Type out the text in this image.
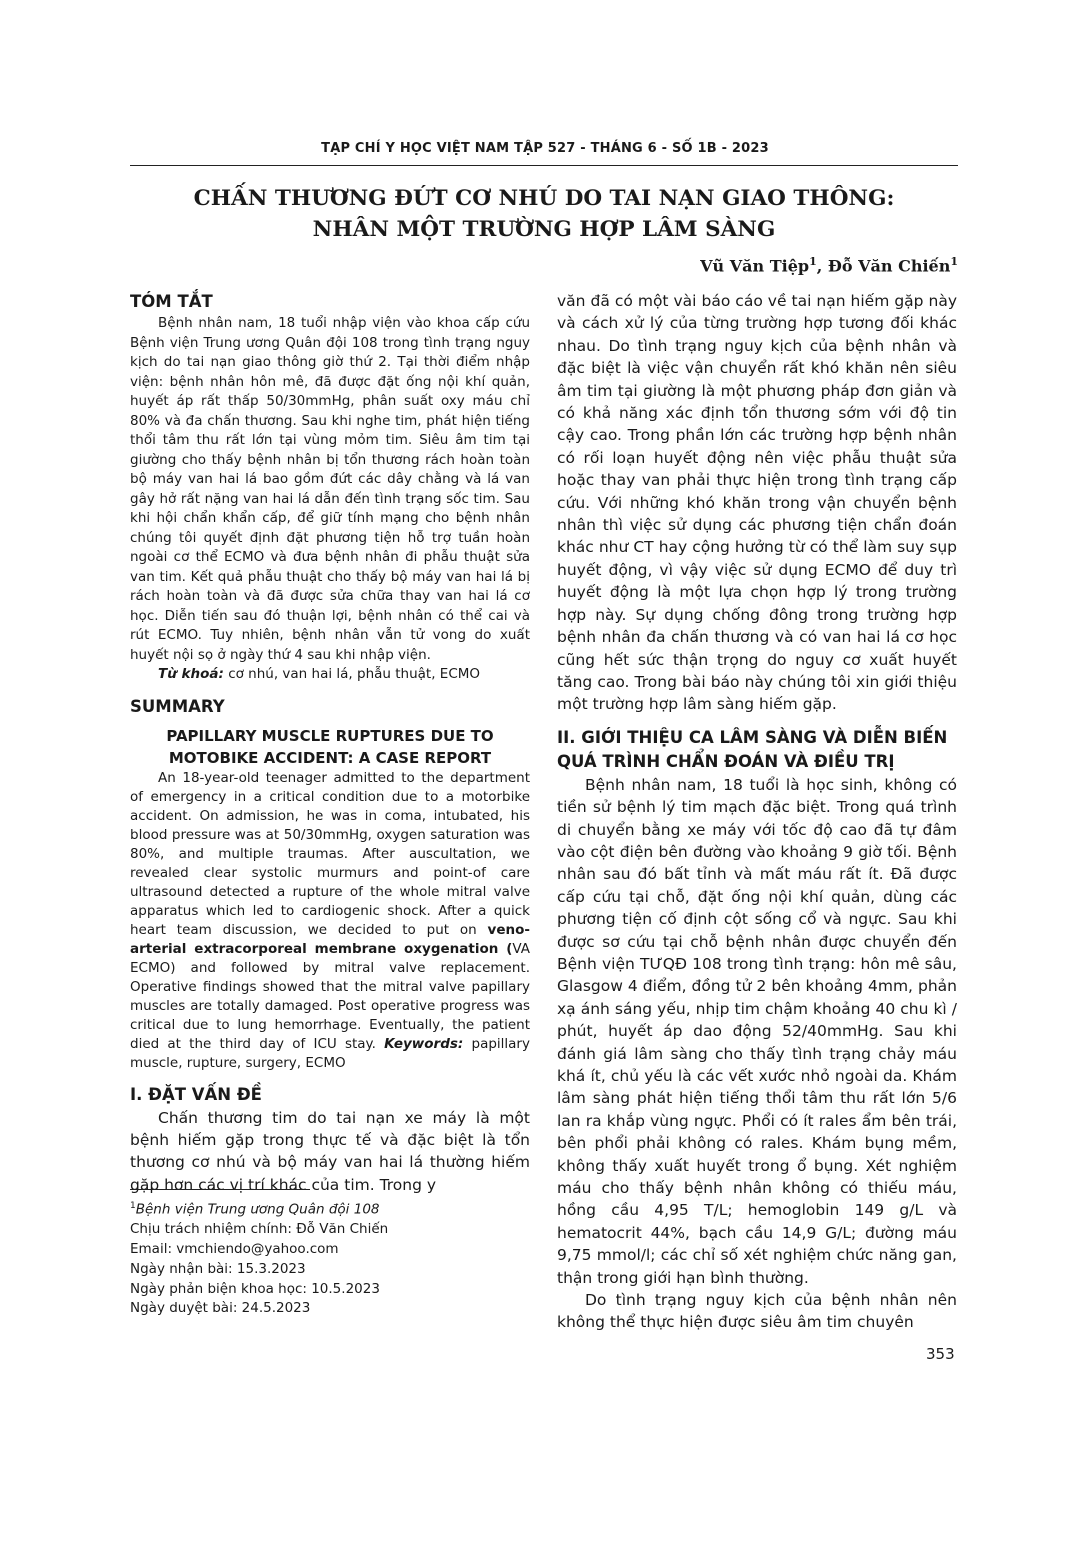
TẠP CHÍ Y HỌC VIỆT NAM TẬP 527 - THÁNG 6 - SỐ 1B - 2023
CHẤN THƯƠNG ĐỨT CƠ NHÚ DO TAI NẠN GIAO THÔNG:
NHÂN MỘT TRƯỜNG HỢP LÂM SÀNG
Vũ Văn Tiệp$^1$, Đỗ Văn Chiến$^1$
TÓM TẮT

Bệnh nhân nam, 18 tuổi nhập viện vào khoa cấp cứu Bệnh viện Trung ương Quân đội 108 trong tình trạng nguy kịch do tai nạn giao thông giờ thứ 2. Tại thời điểm nhập viện: bệnh nhân hôn mê, đã được đặt ống nội khí quản, huyết áp rất thấp 50/30mmHg, phân suất oxy máu chỉ 80% và đa chấn thương. Sau khi nghe tim, phát hiện tiếng thổi tâm thu rất lớn tại vùng mỏm tim. Siêu âm tim tại giường cho thấy bệnh nhân bị tổn thương rách hoàn toàn bộ máy van hai lá bao gồm đứt các dây chằng và lá van gây hở rất nặng van hai lá dẫn đến tình trạng sốc tim. Sau khi hội chẩn khẩn cấp, để giữ tính mạng cho bệnh nhân chúng tôi quyết định đặt phương tiện hỗ trợ tuần hoàn ngoài cơ thể ECMO và đưa bệnh nhân đi phẫu thuật sửa van tim. Kết quả phẫu thuật cho thấy bộ máy van hai lá bị rách hoàn toàn và đã được sửa chữa thay van hai lá cơ học. Diễn tiến sau đó thuận lợi, bệnh nhân có thể cai và rút ECMO. Tuy nhiên, bệnh nhân vẫn tử vong do xuất huyết nội sọ ở ngày thứ 4 sau khi nhập viện.

Từ khoá: cơ nhú, van hai lá, phẫu thuật, ECMO

SUMMARY
PAPILLARY MUSCLE RUPTURES DUE TO
MOTOBIKE ACCIDENT: A CASE REPORT

An 18-year-old teenager admitted to the department of emergency in a critical condition due to a motorbike accident. On admission, he was in coma, intubated, his blood pressure was at 50/30mmHg, oxygen saturation was 80%, and multiple traumas. After auscultation, we revealed clear systolic murmurs and point-of care ultrasound detected a rupture of the whole mitral valve apparatus which led to cardiogenic shock. After a quick heart team discussion, we decided to put on veno-arterial extracorporeal membrane oxygenation (VA ECMO) and followed by mitral valve replacement. Operative findings showed that the mitral valve papillary muscles are totally damaged. Post operative progress was critical due to lung hemorrhage. Eventually, the patient died at the third day of ICU stay. Keywords: papillary muscle, rupture, surgery, ECMO

I. ĐẶT VẤN ĐỀ

Chấn thương tim do tai nạn xe máy là một bệnh hiếm gặp trong thực tế và đặc biệt là tổn thương cơ nhú và bộ máy van hai lá thường hiếm gặp hơn các vị trí khác của tim. Trong y

$^1$Bệnh viện Trung ương Quân đội 108
Chịu trách nhiệm chính: Đỗ Văn Chiến
Email: vmchiendo@yahoo.com
Ngày nhận bài: 15.3.2023
Ngày phản biện khoa học: 10.5.2023
Ngày duyệt bài: 24.5.2023

văn đã có một vài báo cáo về tai nạn hiếm gặp này và cách xử lý của từng trường hợp tương đối khác nhau. Do tình trạng nguy kịch của bệnh nhân và đặc biệt là việc vận chuyển rất khó khăn nên siêu âm tim tại giường là một phương pháp đơn giản và có khả năng xác định tổn thương sớm với độ tin cậy cao. Trong phần lớn các trường hợp bệnh nhân có rối loạn huyết động nên việc phẫu thuật sửa hoặc thay van phải thực hiện trong tình trạng cấp cứu. Với những khó khăn trong vận chuyển bệnh nhân thì việc sử dụng các phương tiện chẩn đoán khác như CT hay cộng hưởng từ có thể làm suy sụp huyết động, vì vậy việc sử dụng ECMO để duy trì huyết động là một lựa chọn hợp lý trong trường hợp này. Sự dụng chống đông trong trường hợp bệnh nhân đa chấn thương và có van hai lá cơ học cũng hết sức thận trọng do nguy cơ xuất huyết tăng cao. Trong bài báo này chúng tôi xin giới thiệu một trường hợp lâm sàng hiếm gặp.

II. GIỚI THIỆU CA LÂM SÀNG VÀ DIỄN BIẾN QUÁ TRÌNH CHẨN ĐOÁN VÀ ĐIỀU TRỊ

Bệnh nhân nam, 18 tuổi là học sinh, không có tiền sử bệnh lý tim mạch đặc biệt. Trong quá trình di chuyển bằng xe máy với tốc độ cao đã tự đâm vào cột điện bên đường vào khoảng 9 giờ tối. Bệnh nhân sau đó bất tỉnh và mất máu rất ít. Đã được cấp cứu tại chỗ, đặt ống nội khí quản, dùng các phương tiện cố định cột sống cổ và ngực. Sau khi được sơ cứu tại chỗ bệnh nhân được chuyển đến Bệnh viện TƯQĐ 108 trong tình trạng: hôn mê sâu, Glasgow 4 điểm, đồng tử 2 bên khoảng 4mm, phản xạ ánh sáng yếu, nhịp tim chậm khoảng 40 chu kì / phút, huyết áp dao động 52/40mmHg. Sau khi đánh giá lâm sàng cho thấy tình trạng chảy máu khá ít, chủ yếu là các vết xước nhỏ ngoài da. Khám lâm sàng phát hiện tiếng thổi tâm thu rất lớn 5/6 lan ra khắp vùng ngực. Phổi có ít rales ẩm bên trái, bên phổi phải không có rales. Khám bụng mềm, không thấy xuất huyết trong ổ bụng. Xét nghiệm máu cho thấy bệnh nhân không có thiếu máu, hồng cầu 4,95 T/L; hemoglobin 149 g/L và hematocrit 44%, bạch cầu 14,9 G/L; đường máu 9,75 mmol/l; các chỉ số xét nghiệm chức năng gan, thận trong giới hạn bình thường.

Do tình trạng nguy kịch của bệnh nhân nên không thể thực hiện được siêu âm tim chuyên

353
